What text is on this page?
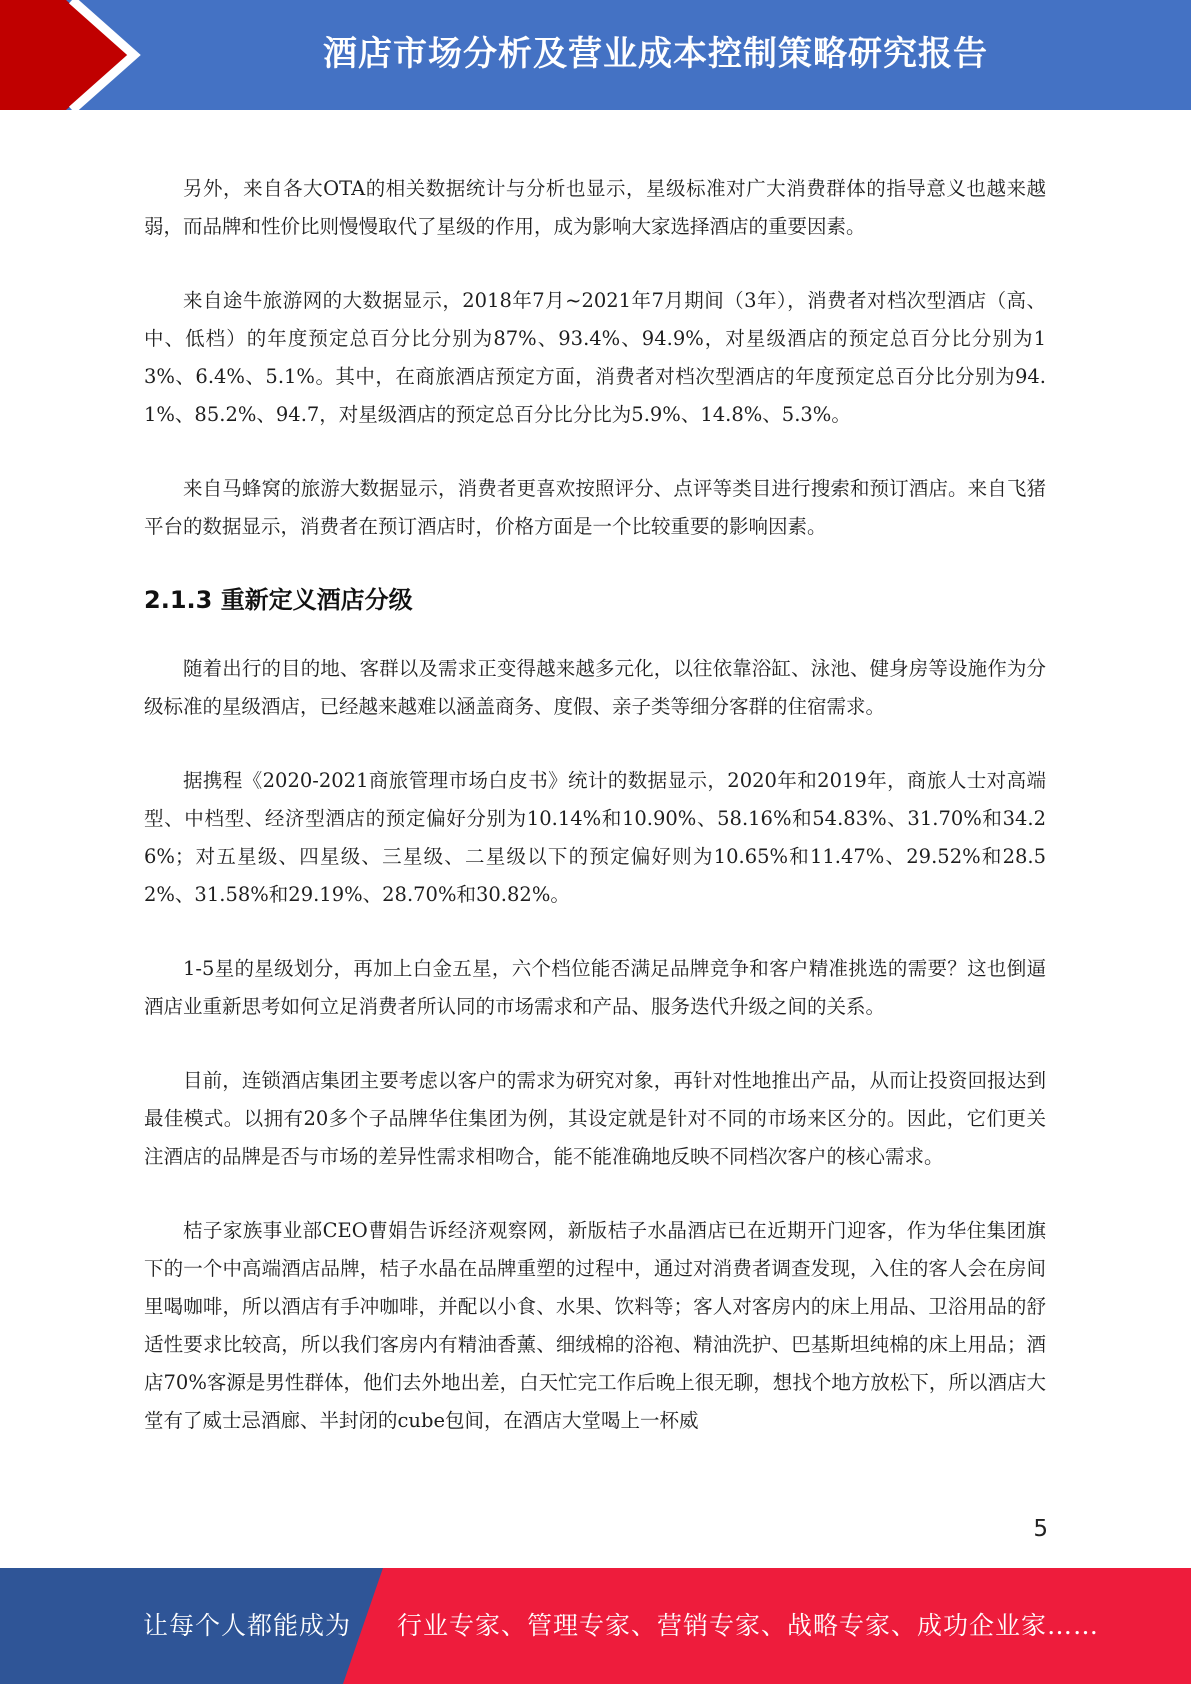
酒店市场分析及营业成本控制策略研究报告

另外，来自各大OTA的相关数据统计与分析也显示，星级标准对广大消费群体的指导意义也越来越弱，而品牌和性价比则慢慢取代了星级的作用，成为影响大家选择酒店的重要因素。

来自途牛旅游网的大数据显示，2018年7月~2021年7月期间（3年），消费者对档次型酒店（高、中、低档）的年度预定总百分比分别为87%、93.4%、94.9%，对星级酒店的预定总百分比分别为13%、6.4%、5.1%。其中，在商旅酒店预定方面，消费者对档次型酒店的年度预定总百分比分别为94.1%、85.2%、94.7，对星级酒店的预定总百分比分比为5.9%、14.8%、5.3%。

来自马蜂窝的旅游大数据显示，消费者更喜欢按照评分、点评等类目进行搜索和预订酒店。来自飞猪平台的数据显示，消费者在预订酒店时，价格方面是一个比较重要的影响因素。

2.1.3 重新定义酒店分级

随着出行的目的地、客群以及需求正变得越来越多元化，以往依靠浴缸、泳池、健身房等设施作为分级标准的星级酒店，已经越来越难以涵盖商务、度假、亲子类等细分客群的住宿需求。

据携程《2020-2021商旅管理市场白皮书》统计的数据显示，2020年和2019年，商旅人士对高端型、中档型、经济型酒店的预定偏好分别为10.14%和10.90%、58.16%和54.83%、31.70%和34.26%；对五星级、四星级、三星级、二星级以下的预定偏好则为10.65%和11.47%、29.52%和28.52%、31.58%和29.19%、28.70%和30.82%。

1-5星的星级划分，再加上白金五星，六个档位能否满足品牌竞争和客户精准挑选的需要？这也倒逼酒店业重新思考如何立足消费者所认同的市场需求和产品、服务迭代升级之间的关系。

目前，连锁酒店集团主要考虑以客户的需求为研究对象，再针对性地推出产品，从而让投资回报达到最佳模式。以拥有20多个子品牌华住集团为例，其设定就是针对不同的市场来区分的。因此，它们更关注酒店的品牌是否与市场的差异性需求相吻合，能不能准确地反映不同档次客户的核心需求。

桔子家族事业部CEO曹娟告诉经济观察网，新版桔子水晶酒店已在近期开门迎客，作为华住集团旗下的一个中高端酒店品牌，桔子水晶在品牌重塑的过程中，通过对消费者调查发现，入住的客人会在房间里喝咖啡，所以酒店有手冲咖啡，并配以小食、水果、饮料等；客人对客房内的床上用品、卫浴用品的舒适性要求比较高，所以我们客房内有精油香薰、细绒棉的浴袍、精油洗护、巴基斯坦纯棉的床上用品；酒店70%客源是男性群体，他们去外地出差，白天忙完工作后晚上很无聊，想找个地方放松下，所以酒店大堂有了威士忌酒廊、半封闭的cube包间，在酒店大堂喝上一杯威

5
让每个人都能成为 行业专家、管理专家、营销专家、战略专家、成功企业家……
